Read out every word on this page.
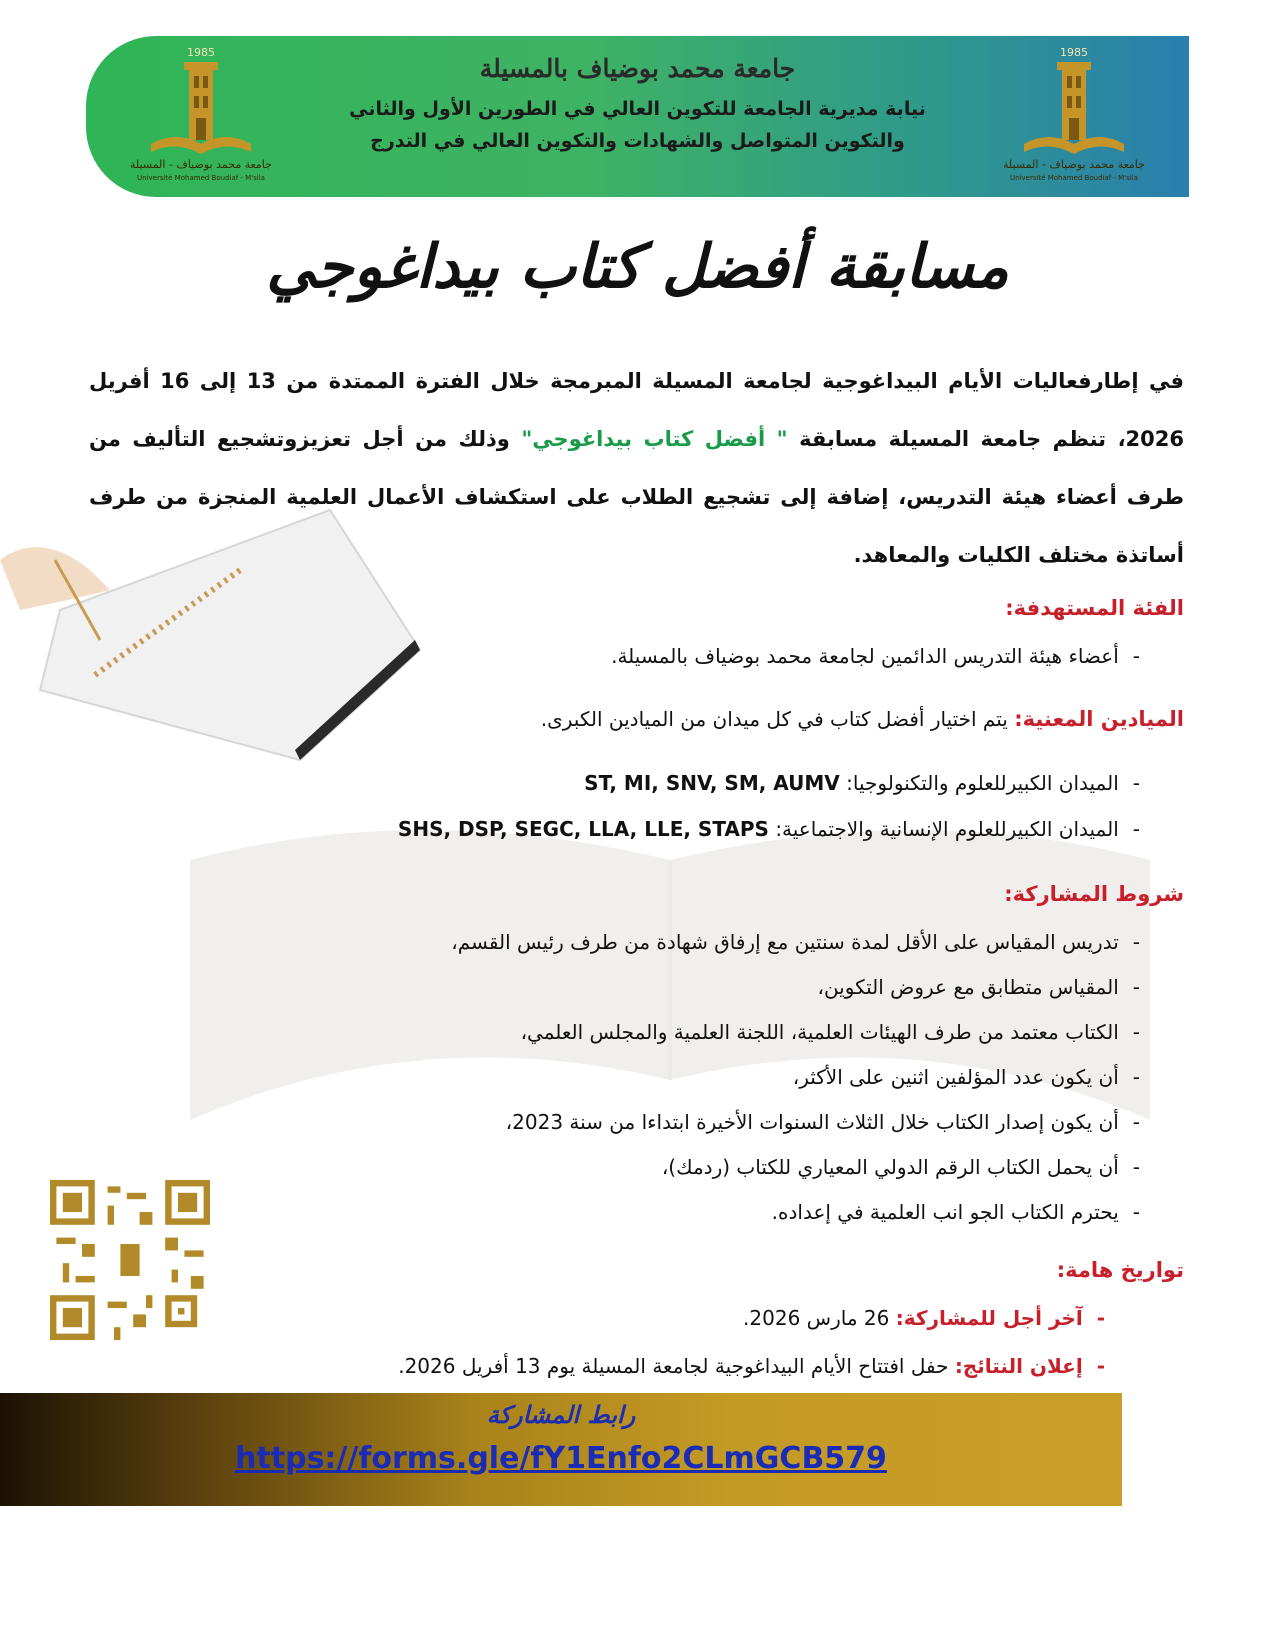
1985
جامعة محمد بوضياف - المسيلة
Université Mohamed Boudiaf - M'sila
جامعة محمد بوضياف بالمسيلة
نيابة مديرية الجامعة للتكوين العالي في الطورين الأول والثاني
والتكوين المتواصل والشهادات والتكوين العالي في التدرج
1985
جامعة محمد بوضياف - المسيلة
Université Mohamed Boudiaf - M'sila
مسابقة أفضل كتاب بيداغوجي
في إطارفعاليات الأيام البيداغوجية لجامعة المسيلة المبرمجة خلال الفترة الممتدة من 13 إلى 16 أفريل 2026، تنظم جامعة المسيلة مسابقة " أفضل كتاب بيداغوجي" وذلك من أجل تعزيزوتشجيع التأليف من طرف أعضاء هيئة التدريس، إضافة إلى تشجيع الطلاب على استكشاف الأعمال العلمية المنجزة من طرف أساتذة مختلف الكليات والمعاهد.
الفئة المستهدفة:
-أعضاء هيئة التدريس الدائمين لجامعة محمد بوضياف بالمسيلة.
الميادين المعنية: يتم اختيار أفضل كتاب في كل ميدان من الميادين الكبرى.
-الميدان الكبيرللعلوم والتكنولوجيا: ST, MI, SNV, SM, AUMV
-الميدان الكبيرللعلوم الإنسانية والاجتماعية: SHS, DSP, SEGC, LLA, LLE, STAPS
شروط المشاركة:
-تدريس المقياس على الأقل لمدة سنتين مع إرفاق شهادة من طرف رئيس القسم،
-المقياس متطابق مع عروض التكوين،
-الكتاب معتمد من طرف الهيئات العلمية، اللجنة العلمية والمجلس العلمي،
-أن يكون عدد المؤلفين اثنين على الأكثر،
-أن يكون إصدار الكتاب خلال الثلاث السنوات الأخيرة ابتداءا من سنة 2023،
-أن يحمل الكتاب الرقم الدولي المعياري للكتاب (ردمك)،
-يحترم الكتاب الجو انب العلمية في إعداده.
تواريخ هامة:
-آخر أجل للمشاركة: 26 مارس 2026.
-إعلان النتائج: حفل افتتاح الأيام البيداغوجية لجامعة المسيلة يوم 13 أفريل 2026.
رابط المشاركة
https://forms.gle/fY1Enfo2CLmGCB579
